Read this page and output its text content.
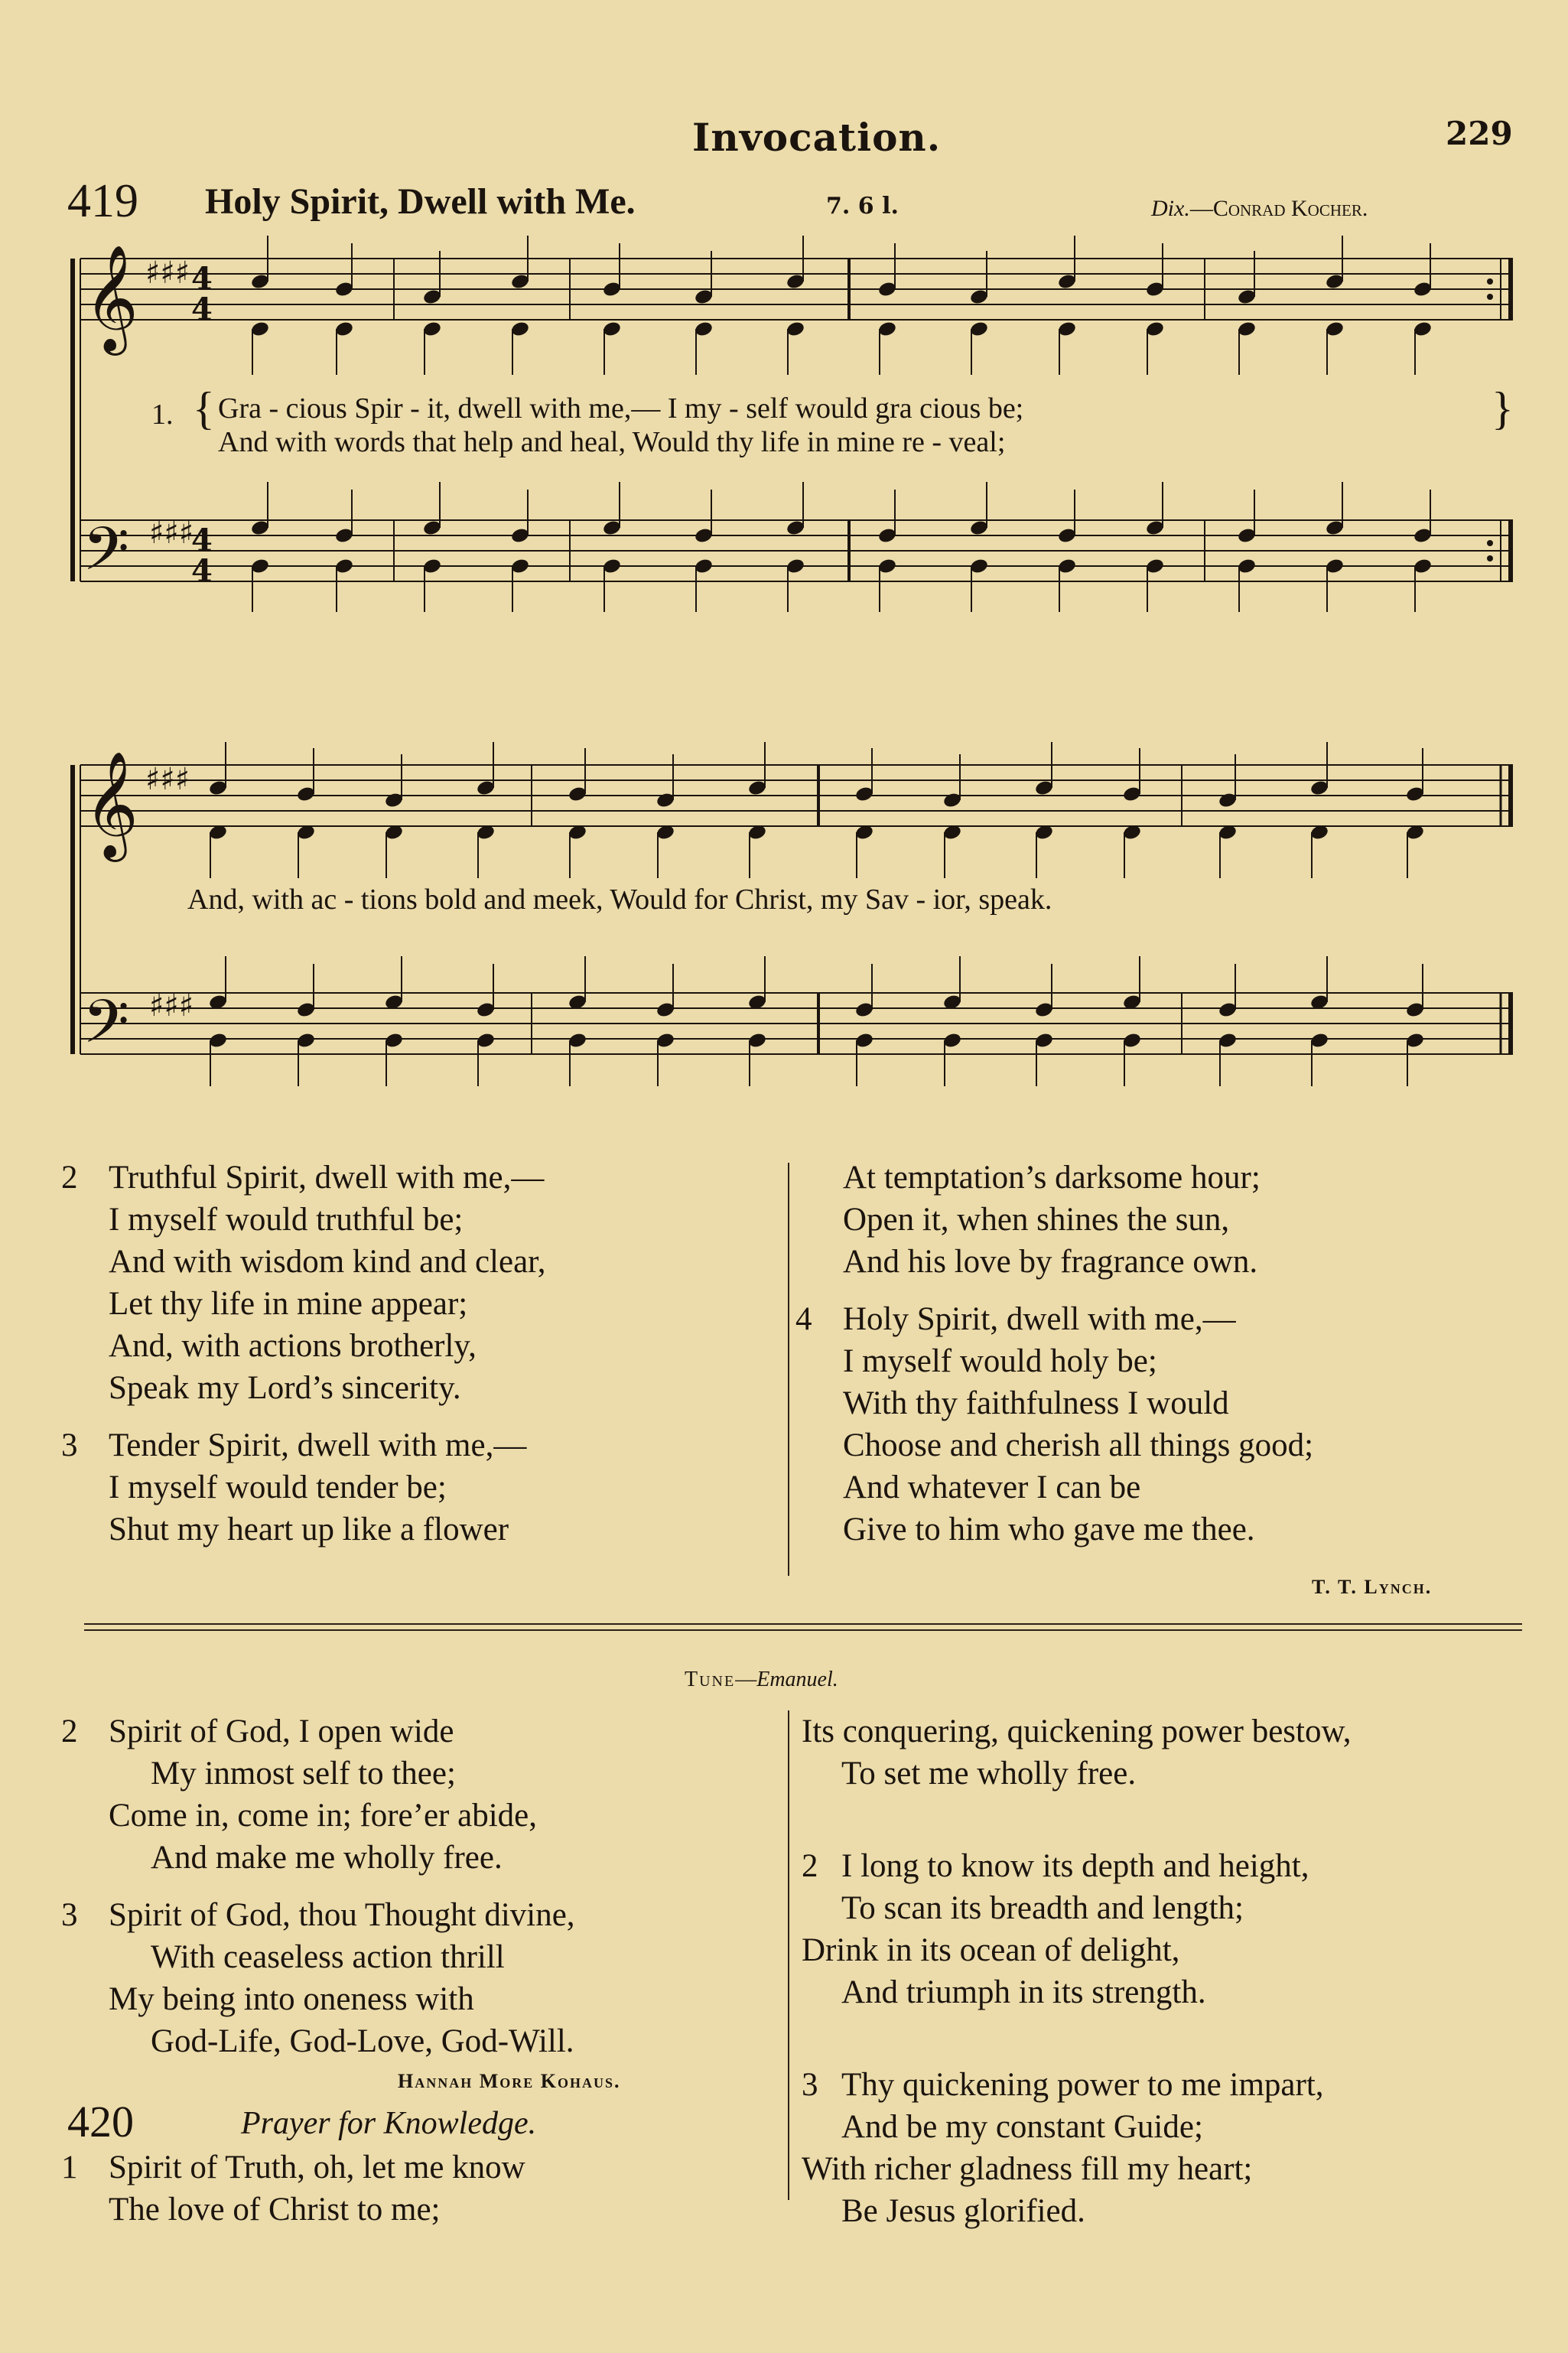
Invocation.	229
419 Holy Spirit, Dwell with Me.	7. 6 l.	Dix.—Conrad Kocher.
𝄞 ♯♯♯ 4
4
𝄢 ♯♯♯
4
4
𝄞 ♯♯♯
𝄢 ♯♯♯
1. { Gra - cious Spir - it, dwell with me,— I my - self would gra cious be;
And with words that help and heal, Would thy life in mine re - veal;
}
And, with ac - tions bold and meek, Would for Christ, my Sav - ior, speak.
2 Truthful Spirit, dwell with me,—
I myself would truthful be;
And with wisdom kind and clear,
Let thy life in mine appear;
And, with actions brotherly,
Speak my Lord’s sincerity.
3 Tender Spirit, dwell with me,—
I myself would tender be;
Shut my heart up like a flower
At temptation’s darksome hour;
Open it, when shines the sun,
And his love by fragrance own.
4 Holy Spirit, dwell with me,—
I myself would holy be;
With thy faithfulness I would
Choose and cherish all things good;
And whatever I can be
Give to him who gave me thee.
T. T. Lynch.
Tune—Emanuel.
2 Spirit of God, I open wide
My inmost self to thee;
Come in, come in; fore’er abide,
And make me wholly free.
3 Spirit of God, thou Thought divine,
With ceaseless action thrill
My being into oneness with
God-Life, God-Love, God-Will.
Hannah More Kohaus.
420	Prayer for Knowledge.
1 Spirit of Truth, oh, let me know
The love of Christ to me;
Its conquering, quickening power bestow,
To set me wholly free.
2 I long to know its depth and height,
To scan its breadth and length;
Drink in its ocean of delight,
And triumph in its strength.
3 Thy quickening power to me impart,
And be my constant Guide;
With richer gladness fill my heart;
Be Jesus glorified.
